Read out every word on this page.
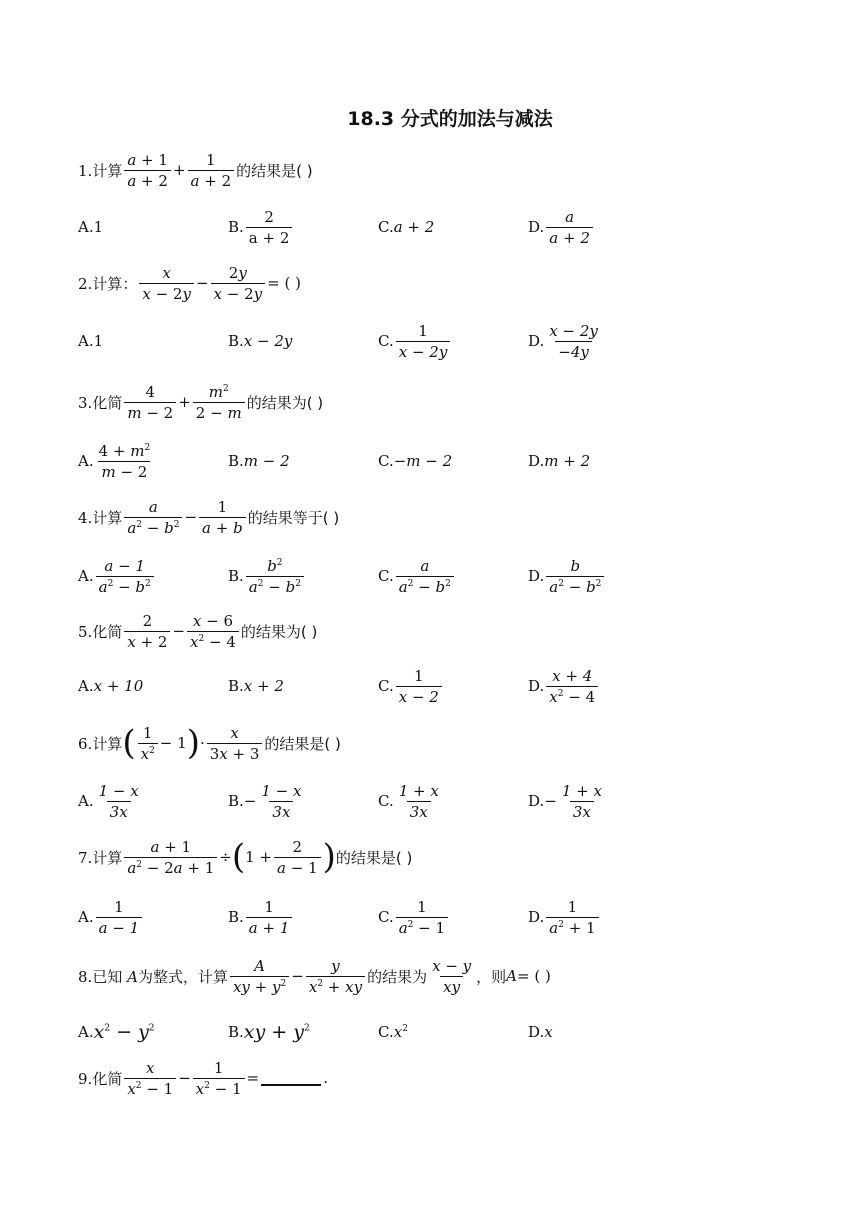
18.3 分式的加法与减法
1.计算 $\frac{a + 1}{a + 2} + \frac{1}{a + 2}$ 的结果是( )
A. 1	B. $\frac{2}{a + 2}$	C. a + 2	D. $\frac{a}{a + 2}$
2.计算： $\frac{x}{x - 2y} - \frac{2y}{x - 2y}$ = ( )
A. 1	B. x − 2y	C. $\frac{1}{x - 2y}$	D. $\frac{x - 2y}{-4y}$
3.化简 $\frac{4}{m - 2} + \frac{m^2}{2 - m}$ 的结果为( )
A. $\frac{4 + m^2}{m - 2}$	B. m − 2	C. −m − 2	D. m + 2
4.计算 $\frac{a}{a^2 - b^2} - \frac{1}{a + b}$ 的结果等于( )
A. $\frac{a - 1}{a^2 - b^2}$	B. $\frac{b^2}{a^2 - b^2}$	C. $\frac{a}{a^2 - b^2}$	D. $\frac{b}{a^2 - b^2}$
5.化简 $\frac{2}{x + 2} - \frac{x - 6}{x^2 - 4}$ 的结果为( )
A. x + 10	B. x + 2	C. $\frac{1}{x - 2}$	D. $\frac{x + 4}{x^2 - 4}$
6.计算 ( $\frac{1}{x^2} - 1$ ) · $\frac{x}{3x + 3}$ 的结果是( )
A. $\frac{1 - x}{3x}$	B. − $\frac{1 - x}{3x}$	C. $\frac{1 + x}{3x}$	D. − $\frac{1 + x}{3x}$
7.计算 $\frac{a + 1}{a^2 - 2a + 1}$ ÷ ( $1 + \frac{2}{a - 1}$ ) 的结果是( )
A. $\frac{1}{a - 1}$	B. $\frac{1}{a + 1}$	C. $\frac{1}{a^2 - 1}$	D. $\frac{1}{a^2 + 1}$
8.已知 A为整式，计算 $\frac{A}{xy + y^2} - \frac{y}{x^2 + xy}$ 的结果为 $\frac{x - y}{xy}$ ，则 A = ( )
A. $x^2 - y^2$	B. xy + $y^2$	C. $x^2$	D. x
9.化简 $\frac{x}{x^2 - 1} - \frac{1}{x^2 - 1}$ =	.
